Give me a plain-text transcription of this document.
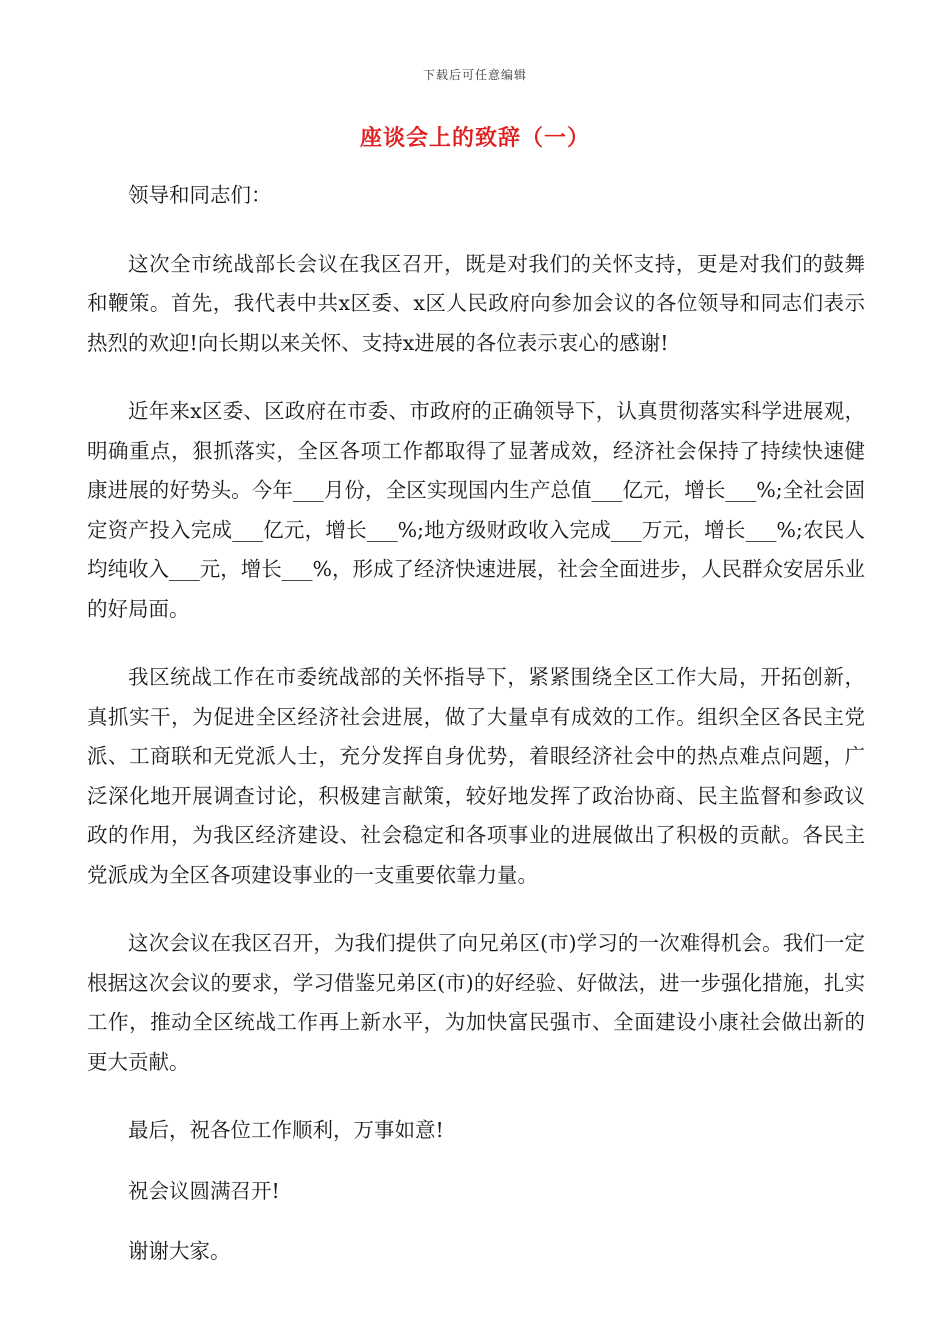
下载后可任意编辑
座谈会上的致辞（一）

领导和同志们：

这次全市统战部长会议在我区召开，既是对我们的关怀支持，更是对我们的鼓舞和鞭策。首先，我代表中共x区委、x区人民政府向参加会议的各位领导和同志们表示热烈的欢迎!向长期以来关怀、支持x进展的各位表示衷心的感谢!

近年来x区委、区政府在市委、市政府的正确领导下，认真贯彻落实科学进展观，明确重点，狠抓落实，全区各项工作都取得了显著成效，经济社会保持了持续快速健康进展的好势头。今年___月份，全区实现国内生产总值___亿元，增长___%;全社会固定资产投入完成___亿元，增长___%;地方级财政收入完成___万元，增长___%;农民人均纯收入___元，增长___%，形成了经济快速进展，社会全面进步，人民群众安居乐业的好局面。

我区统战工作在市委统战部的关怀指导下，紧紧围绕全区工作大局，开拓创新，真抓实干，为促进全区经济社会进展，做了大量卓有成效的工作。组织全区各民主党派、工商联和无党派人士，充分发挥自身优势，着眼经济社会中的热点难点问题，广泛深化地开展调查讨论，积极建言献策，较好地发挥了政治协商、民主监督和参政议政的作用，为我区经济建设、社会稳定和各项事业的进展做出了积极的贡献。各民主党派成为全区各项建设事业的一支重要依靠力量。

这次会议在我区召开，为我们提供了向兄弟区(市)学习的一次难得机会。我们一定根据这次会议的要求，学习借鉴兄弟区(市)的好经验、好做法，进一步强化措施，扎实工作，推动全区统战工作再上新水平，为加快富民强市、全面建设小康社会做出新的更大贡献。

最后，祝各位工作顺利，万事如意!

祝会议圆满召开!

谢谢大家。
